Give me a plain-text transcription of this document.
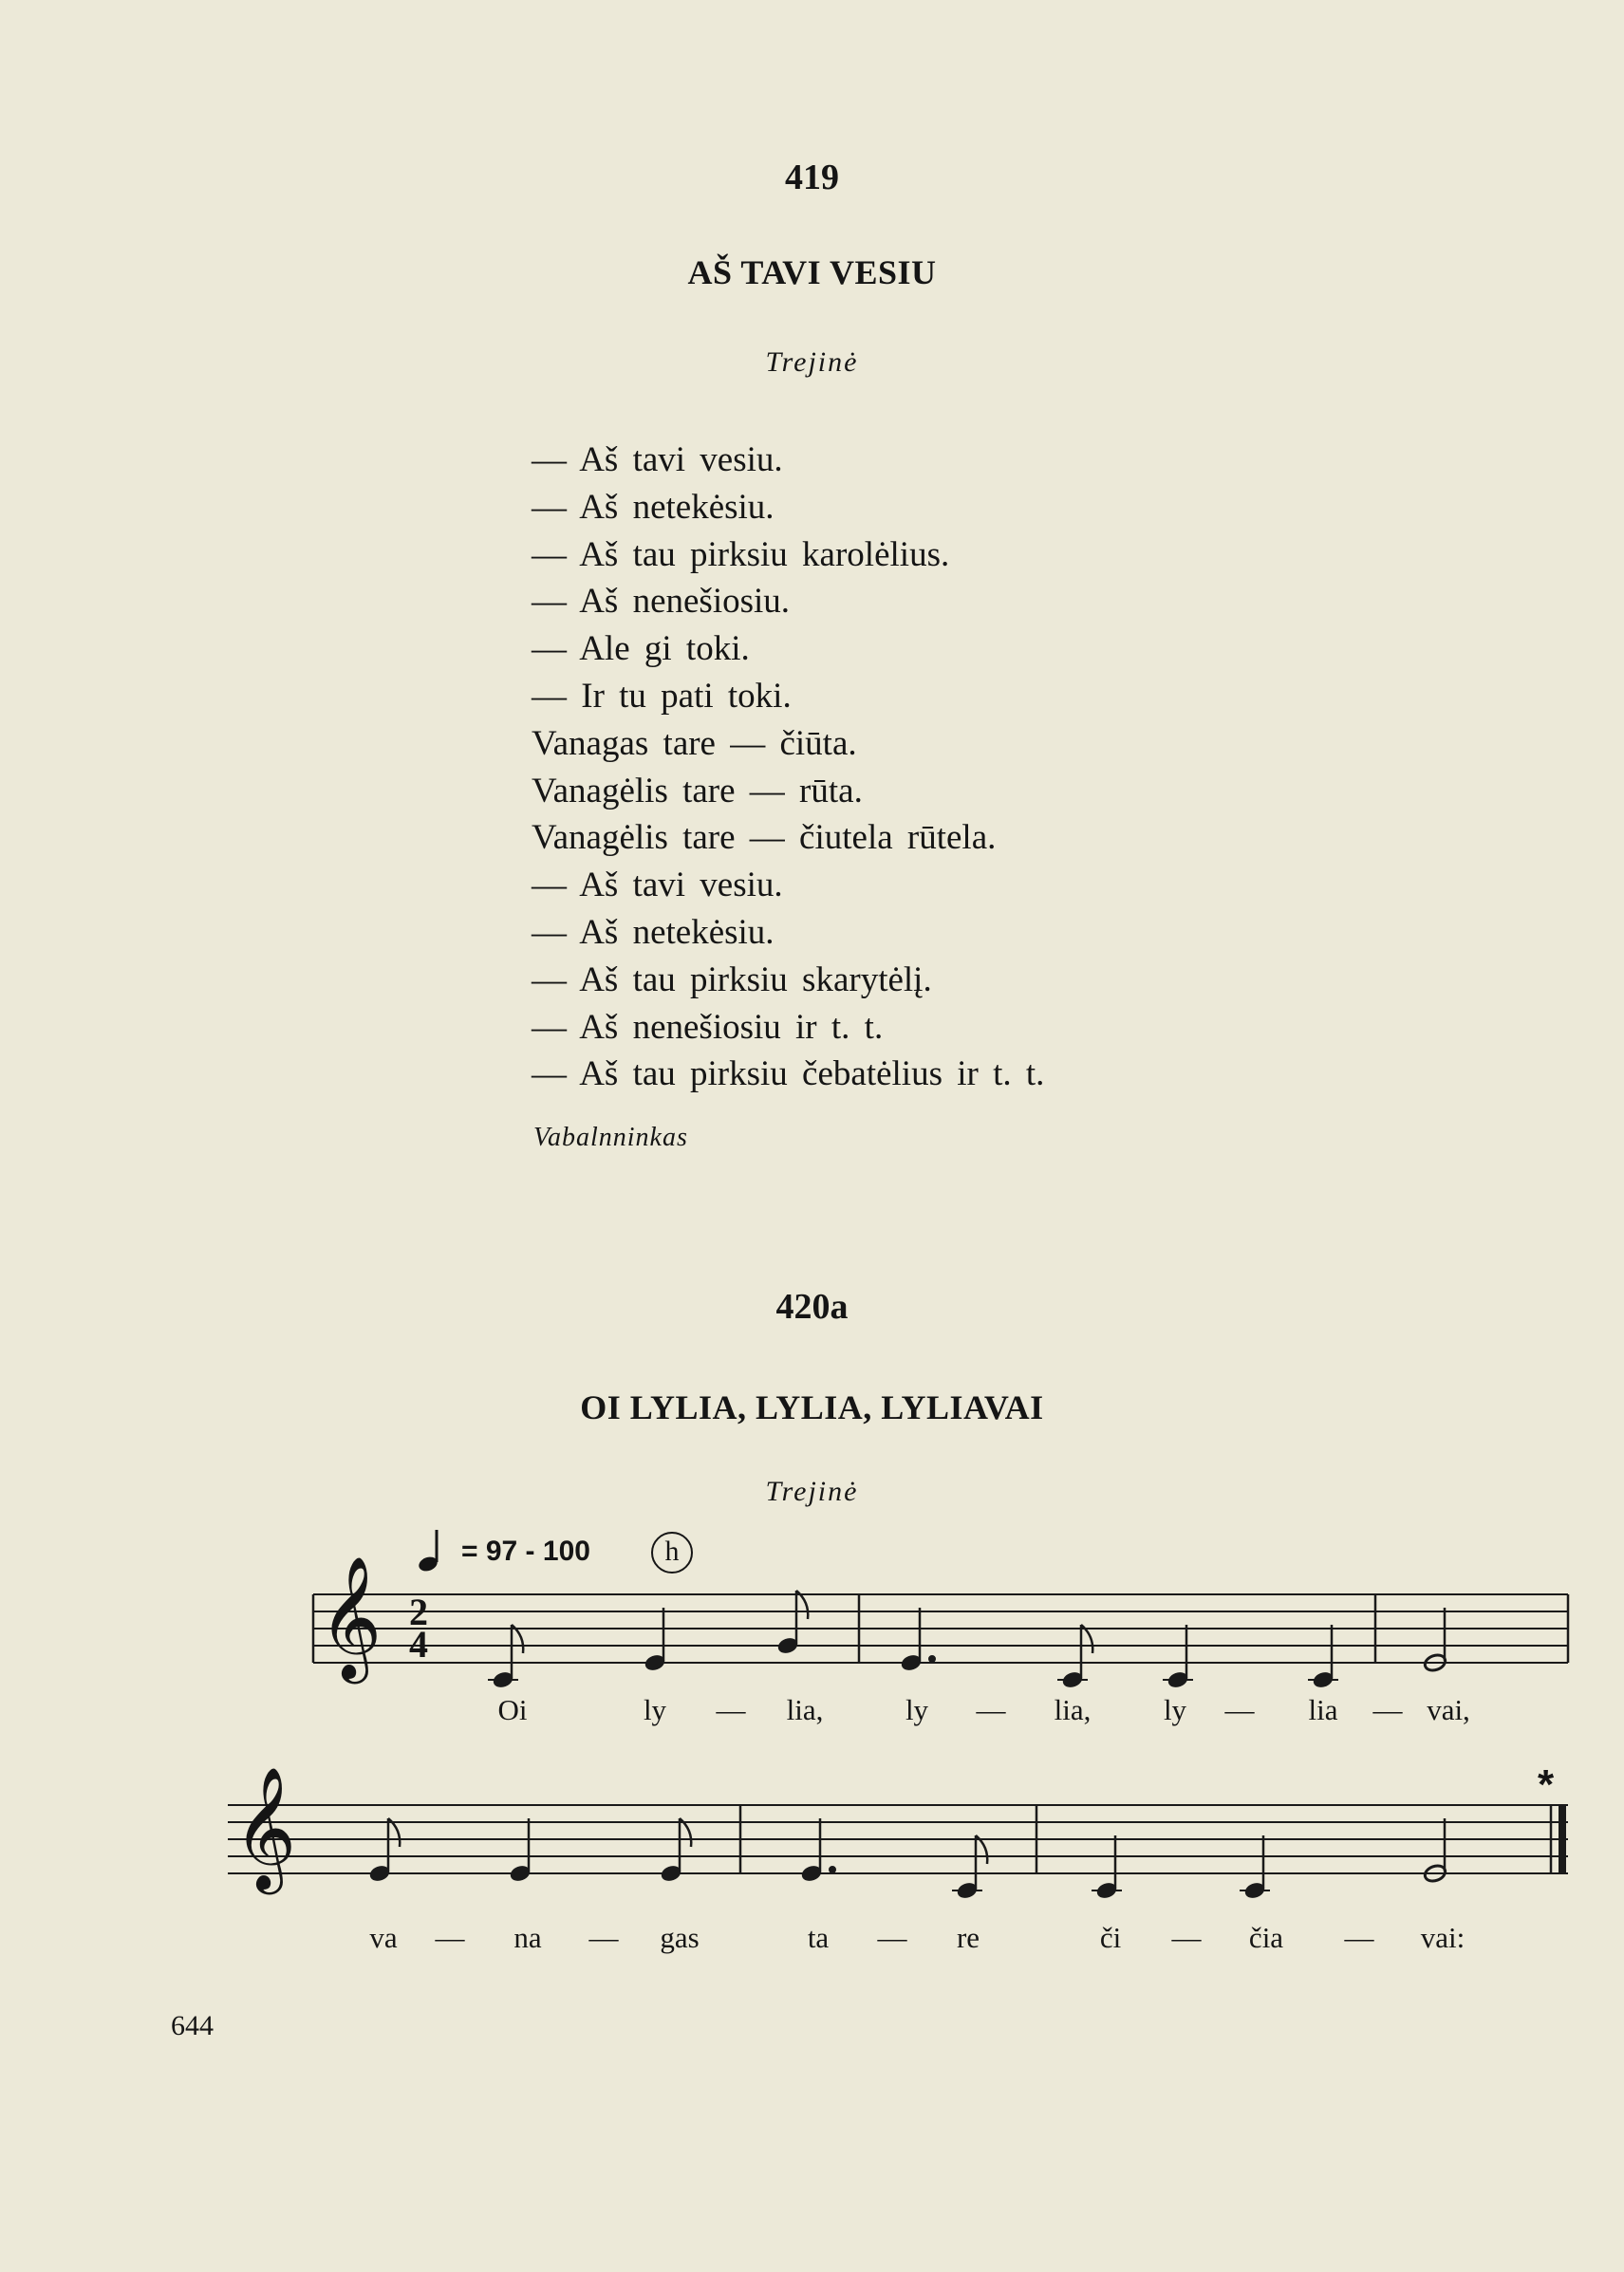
419
AŠ TAVI VESIU
Trejinė
— Aš tavi vesiu.
— Aš netekėsiu.
— Aš tau pirksiu karolėlius.
— Aš nenešiosiu.
— Ale gi toki.
— Ir tu pati toki.
Vanagas tare — čiūta.
Vanagėlis tare — rūta.
Vanagėlis tare — čiutela rūtela.
— Aš tavi vesiu.
— Aš netekėsiu.
— Aš tau pirksiu skarytėlį.
— Aš nenešiosiu ir t. t.
— Aš tau pirksiu čebatėlius ir t. t.
Vabalnninkas
420a
OI LYLIA, LYLIA, LYLIAVAI
Trejinė
= 97 - 100	h
𝄞 2
4
Oi	ly — lia,	ly — lia, ly — lia — vai,
𝄞	*
va — na — gas	ta — re	či — čia — vai:
644
